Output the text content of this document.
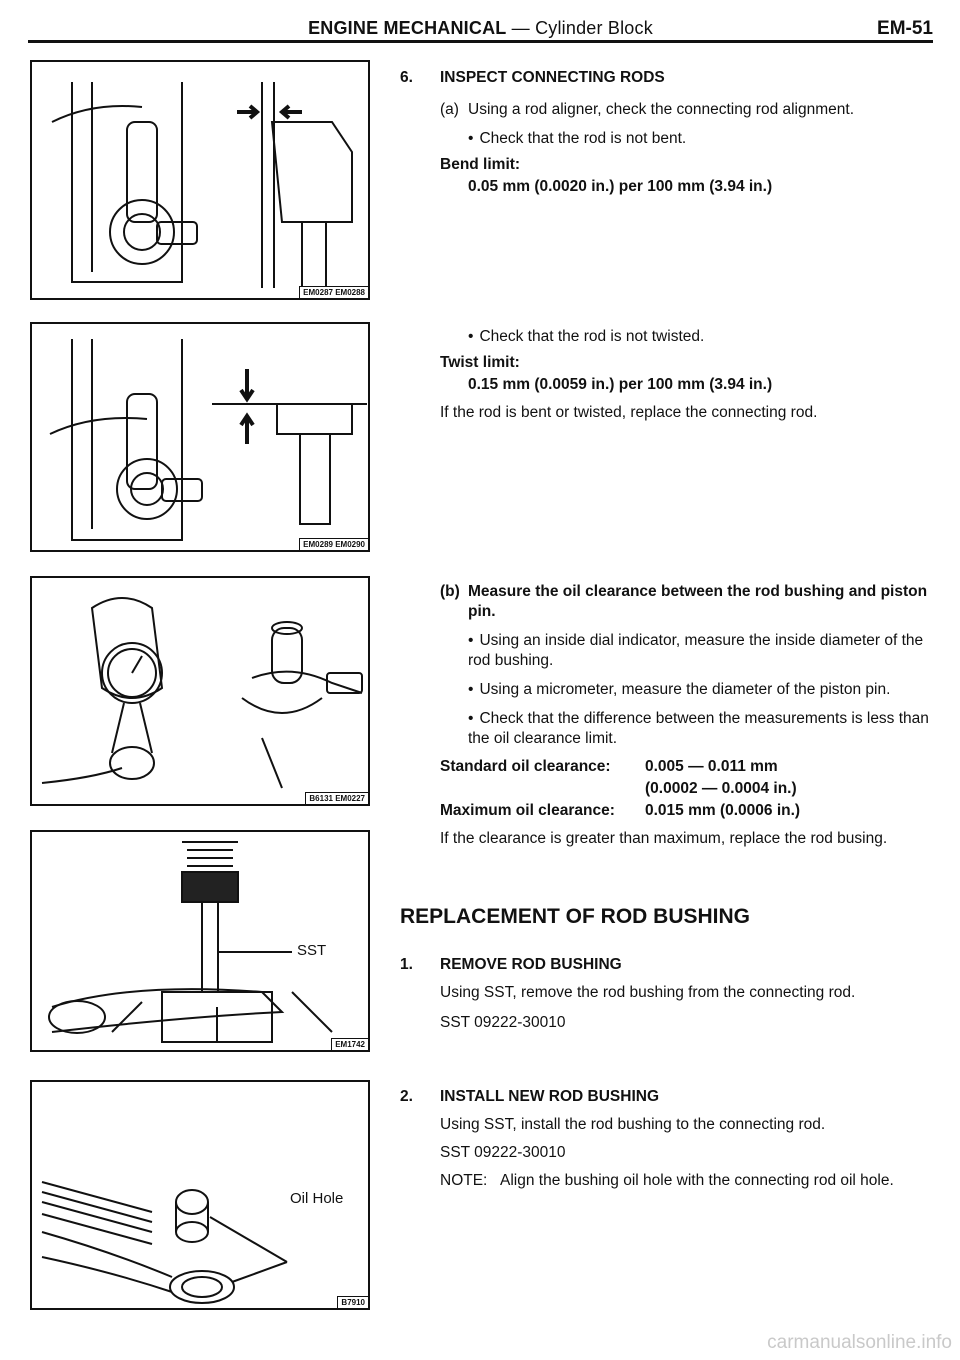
ENGINE MECHANICAL — Cylinder Block	EM-51
EM0287 EM0288
EM0289 EM0290
B6131 EM0227
SST
EM1742
Oil Hole
B7910
6. INSPECT CONNECTING RODS
(a) Using a rod aligner, check the connecting rod alignment.

• Check that the rod is not bent.

Bend limit:

0.05 mm (0.0020 in.) per 100 mm (3.94 in.)

• Check that the rod is not twisted.

Twist limit:

0.15 mm (0.0059 in.) per 100 mm (3.94 in.)

If the rod is bent or twisted, replace the connecting rod.

(b) Measure the oil clearance between the rod bushing and piston pin.

• Using an inside dial indicator, measure the inside diameter of the rod bushing.

• Using a micrometer, measure the diameter of the piston pin.

• Check that the difference between the measurements is less than the oil clearance limit.

Standard oil clearance:	0.005 — 0.011 mm
(0.0002 — 0.0004 in.)
Maximum oil clearance:	0.015 mm (0.0006 in.)

If the clearance is greater than maximum, replace the rod busing.

REPLACEMENT OF ROD BUSHING
1. REMOVE ROD BUSHING

Using SST, remove the rod bushing from the connecting rod.

SST 09222-30010

2. INSTALL NEW ROD BUSHING

Using SST, install the rod bushing to the connecting rod.

SST 09222-30010

NOTE: Align the bushing oil hole with the connecting rod oil hole.

carmanualsonline.info
